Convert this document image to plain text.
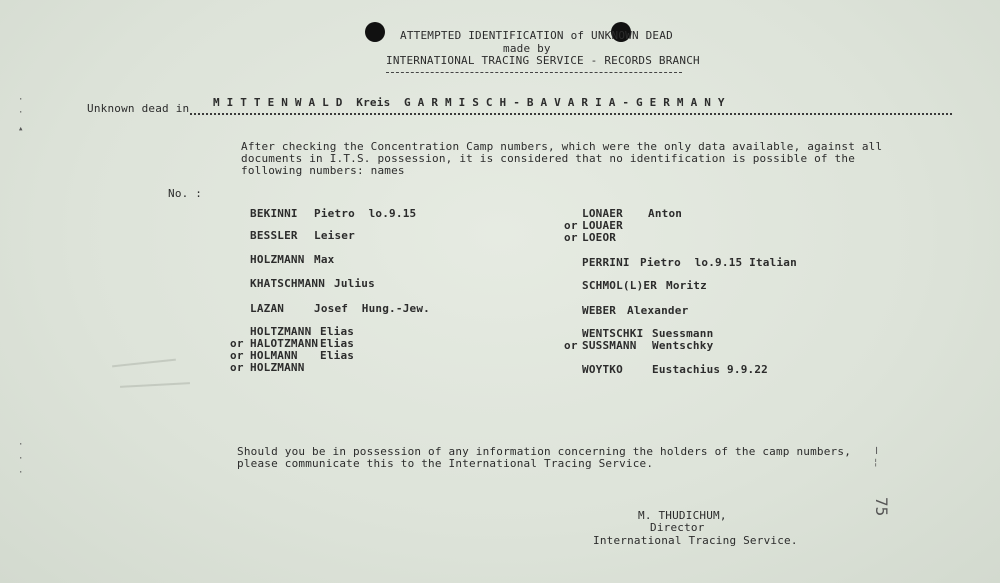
ATTEMPTED IDENTIFICATION of UNKNOWN DEAD
made by
INTERNATIONAL TRACING SERVICE - RECORDS BRANCH
Unknown dead in M I T T E N W A L D  Kreis  G A R M I S C H - B A V A R I A - G E R M A N Y
After checking the Concentration Camp numbers, which were the only data available, against all
documents in I.T.S. possession, it is considered that no identification is possible of the
following numbers: names
No. :
BEKINNI Pietro  lo.9.15
BESSLER Leiser
HOLZMANN Max
KHATSCHMANN Julius
LAZAN	Josef  Hung.-Jew.
HOLTZMANN Elias
or HALOTZMANN Elias
or HOLMANN Elias
or HOLZMANN
LONAER Anton
or LOUAER
or LOEOR
PERRINI Pietro  lo.9.15 Italian
SCHMOL(L)ER Moritz
WEBER Alexander
WENTSCHKI Suessmann
or SUSSMANN Wentschky
WOYTKO	Eustachius 9.9.22
Should you be in possession of any information concerning the holders of the camp numbers,
please communicate this to the International Tracing Service.
M. THUDICHUM,
Director
International Tracing Service.
75
·
·
▴
·
·
·
╷
¦
